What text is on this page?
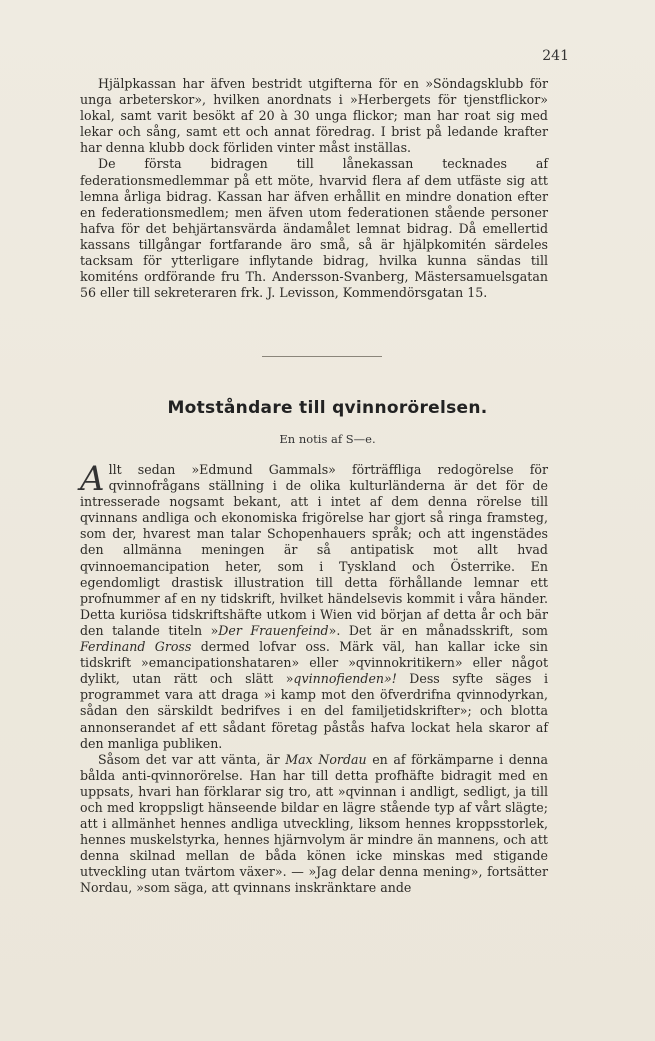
241

Hjälpkassan har äfven bestridt utgifterna för en »Söndagsklubb för unga arbeterskor», hvilken anordnats i »Herbergets för tjenstflickor» lokal, samt varit besökt af 20 à 30 unga flickor; man har roat sig med lekar och sång, samt ett och annat föredrag. I brist på ledande krafter har denna klubb dock förliden vinter måst inställas.

De första bidragen till lånekassan tecknades af federationsmedlemmar på ett möte, hvarvid flera af dem utfäste sig att lemna årliga bidrag. Kassan har äfven erhållit en mindre donation efter en federationsmedlem; men äfven utom federationen stående personer hafva för det behjärtansvärda ändamålet lemnat bidrag. Då emellertid kassans tillgångar fortfarande äro små, så är hjälpkomitén särdeles tacksam för ytterligare inflytande bidrag, hvilka kunna sändas till komiténs ordförande fru Th. Andersson-Svanberg, Mästersamuelsgatan 56 eller till sekreteraren frk. J. Levisson, Kommendörsgatan 15.

Motståndare till qvinnorörelsen.
En notis af S—e.

Allt sedan »Edmund Gammals» förträffliga redogörelse för qvinnofrågans ställning i de olika kulturländerna är det för de intresserade nogsamt bekant, att i intet af dem denna rörelse till qvinnans andliga och ekonomiska frigörelse har gjort så ringa framsteg, som der, hvarest man talar Schopenhauers språk; och att ingenstädes den allmänna meningen är så antipatisk mot allt hvad qvinnoemancipation heter, som i Tyskland och Österrike. En egendomligt drastisk illustration till detta förhållande lemnar ett profnummer af en ny tidskrift, hvilket händelsevis kommit i våra händer. Detta kuriösa tidskriftshäfte utkom i Wien vid början af detta år och bär den talande titeln »Der Frauenfeind». Det är en månadsskrift, som Ferdinand Gross dermed lofvar oss. Märk väl, han kallar icke sin tidskrift »emancipationshataren» eller »qvinnokritikern» eller något dylikt, utan rätt och slätt »qvinnofienden»! Dess syfte säges i programmet vara att draga »i kamp mot den öfverdrifna qvinnodyrkan, sådan den särskildt bedrifves i en del familjetidskrifter»; och blotta annonserandet af ett sådant företag påstås hafva lockat hela skaror af den manliga publiken.

Såsom det var att vänta, är Max Nordau en af förkämparne i denna bålda anti-qvinnorörelse. Han har till detta profhäfte bidragit med en uppsats, hvari han förklarar sig tro, att »qvinnan i andligt, sedligt, ja till och med kroppsligt hänseende bildar en lägre stående typ af vårt slägte; att i allmänhet hennes andliga utveckling, liksom hennes kroppsstorlek, hennes muskelstyrka, hennes hjärnvolym är mindre än mannens, och att denna skilnad mellan de båda könen icke minskas med stigande utveckling utan tvärtom växer». — »Jag delar denna mening», fortsätter Nordau, »som säga, att qvinnans inskränktare ande
